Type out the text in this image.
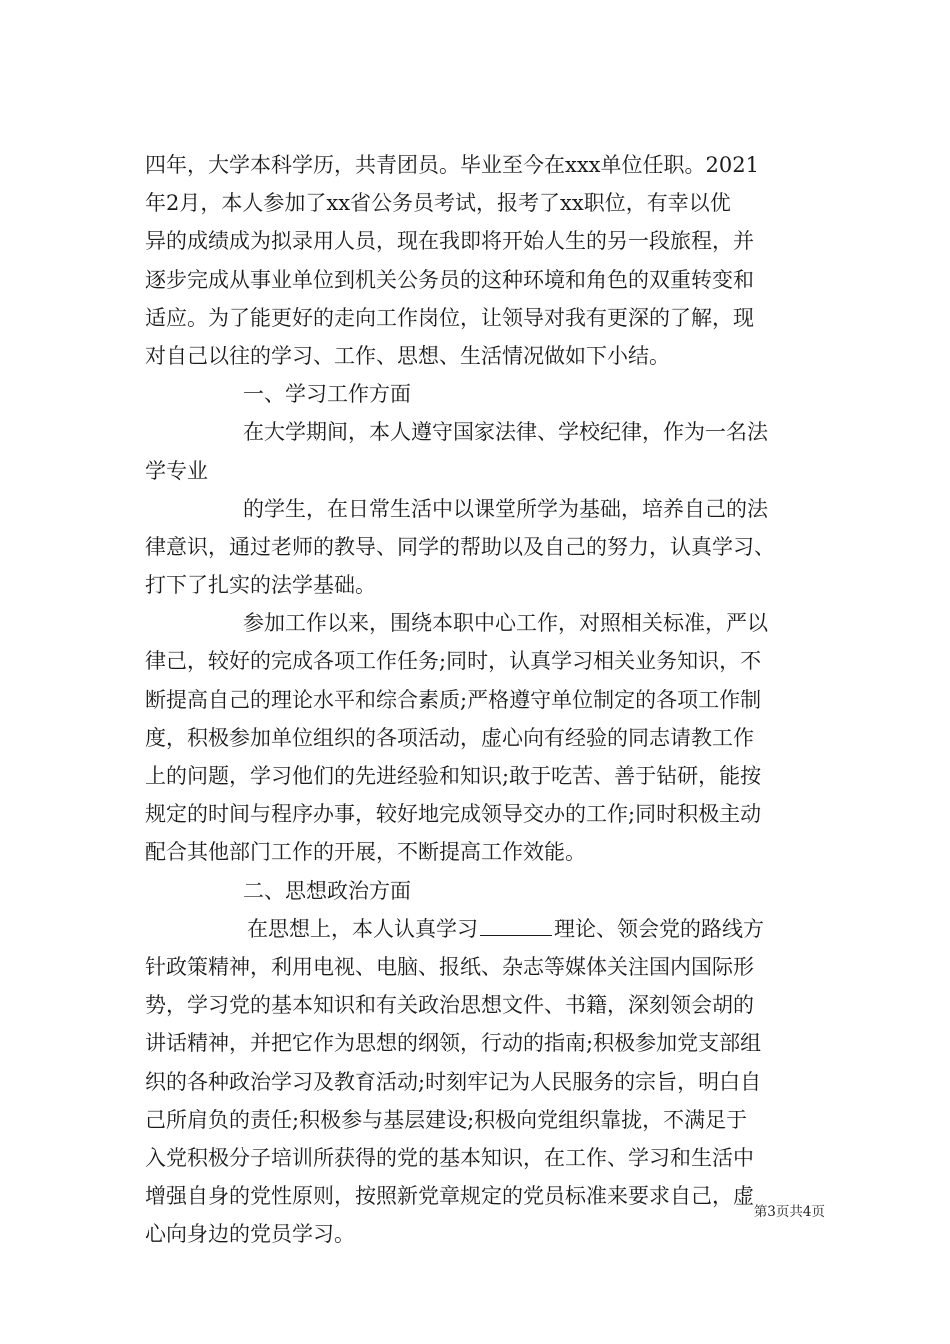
四年，大学本科学历，共青团员。毕业至今在xxx单位任职。2021
年2月，本人参加了xx省公务员考试，报考了xx职位，有幸以优
异的成绩成为拟录用人员，现在我即将开始人生的另一段旅程，并
逐步完成从事业单位到机关公务员的这种环境和角色的双重转变和
适应。为了能更好的走向工作岗位，让领导对我有更深的了解，现
对自己以往的学习、工作、思想、生活情况做如下小结。
一、学习工作方面
在大学期间，本人遵守国家法律、学校纪律，作为一名法
学专业
的学生，在日常生活中以课堂所学为基础，培养自己的法
律意识，通过老师的教导、同学的帮助以及自己的努力，认真学习、
打下了扎实的法学基础。
参加工作以来，围绕本职中心工作，对照相关标准，严以
律己，较好的完成各项工作任务;同时，认真学习相关业务知识，不
断提高自己的理论水平和综合素质;严格遵守单位制定的各项工作制
度，积极参加单位组织的各项活动，虚心向有经验的同志请教工作
上的问题，学习他们的先进经验和知识;敢于吃苦、善于钻研，能按
规定的时间与程序办事，较好地完成领导交办的工作;同时积极主动
配合其他部门工作的开展，不断提高工作效能。
二、思想政治方面
在思想上，本人认真学习	理论、领会党的路线方
针政策精神，利用电视、电脑、报纸、杂志等媒体关注国内国际形
势，学习党的基本知识和有关政治思想文件、书籍，深刻领会胡的
讲话精神，并把它作为思想的纲领，行动的指南;积极参加党支部组
织的各种政治学习及教育活动;时刻牢记为人民服务的宗旨，明白自
己所肩负的责任;积极参与基层建设;积极向党组织靠拢，不满足于
入党积极分子培训所获得的党的基本知识，在工作、学习和生活中
增强自身的党性原则，按照新党章规定的党员标准来要求自己，虚
心向身边的党员学习。
第3页共4页
